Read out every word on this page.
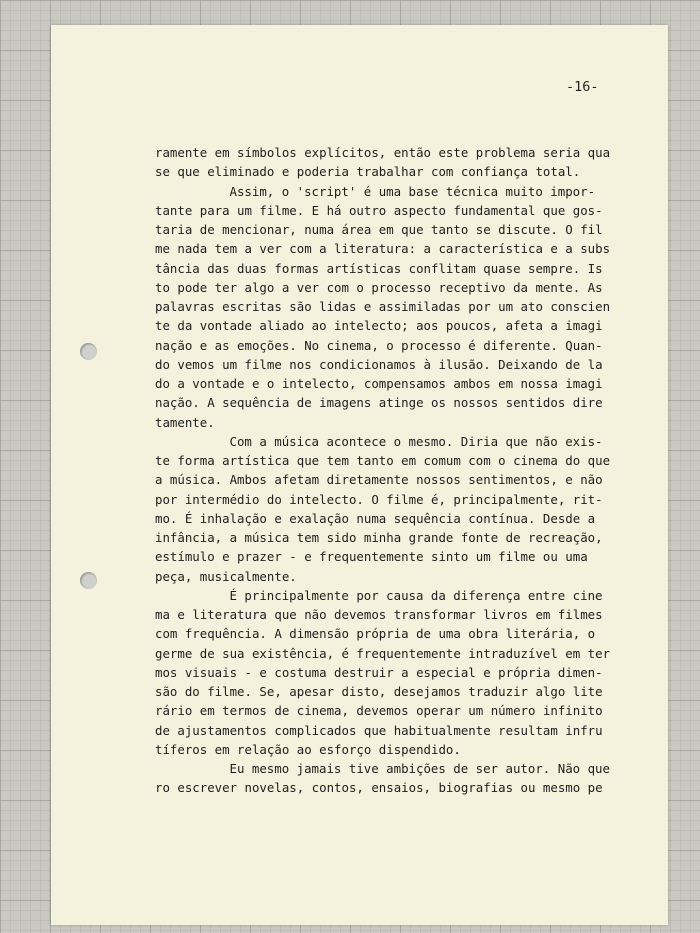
-16-
ramente em símbolos explícitos, então este problema seria qua
se que eliminado e poderia trabalhar com confiança total.
Assim, o 'script' é uma base técnica muito impor-
tante para um filme. E há outro aspecto fundamental que gos-
taria de mencionar, numa área em que tanto se discute. O fil
me nada tem a ver com a literatura: a característica e a subs
tância das duas formas artísticas conflitam quase sempre. Is
to pode ter algo a ver com o processo receptivo da mente. As
palavras escritas são lidas e assimiladas por um ato conscien
te da vontade aliado ao intelecto; aos poucos, afeta a imagi
nação e as emoções. No cinema, o processo é diferente. Quan-
do vemos um filme nos condicionamos à ilusão. Deixando de la
do a vontade e o intelecto, compensamos ambos em nossa imagi
nação. A sequência de imagens atinge os nossos sentidos dire
tamente.
Com a música acontece o mesmo. Diria que não exis-
te forma artística que tem tanto em comum com o cinema do que
a música. Ambos afetam diretamente nossos sentimentos, e não
por intermédio do intelecto. O filme é, principalmente, rit-
mo. É inhalação e exalação numa sequência contínua. Desde a
infância, a música tem sido minha grande fonte de recreação,
estímulo e prazer - e frequentemente sinto um filme ou uma
peça, musicalmente.
É principalmente por causa da diferença entre cine
ma e literatura que não devemos transformar livros em filmes
com frequência. A dimensão própria de uma obra literária, o
germe de sua existência, é frequentemente intraduzível em ter
mos visuais - e costuma destruir a especial e própria dimen-
são do filme. Se, apesar disto, desejamos traduzir algo lite
rário em termos de cinema, devemos operar um número infinito
de ajustamentos complicados que habitualmente resultam infru
tíferos em relação ao esforço dispendido.
Eu mesmo jamais tive ambições de ser autor. Não que
ro escrever novelas, contos, ensaios, biografias ou mesmo pe
